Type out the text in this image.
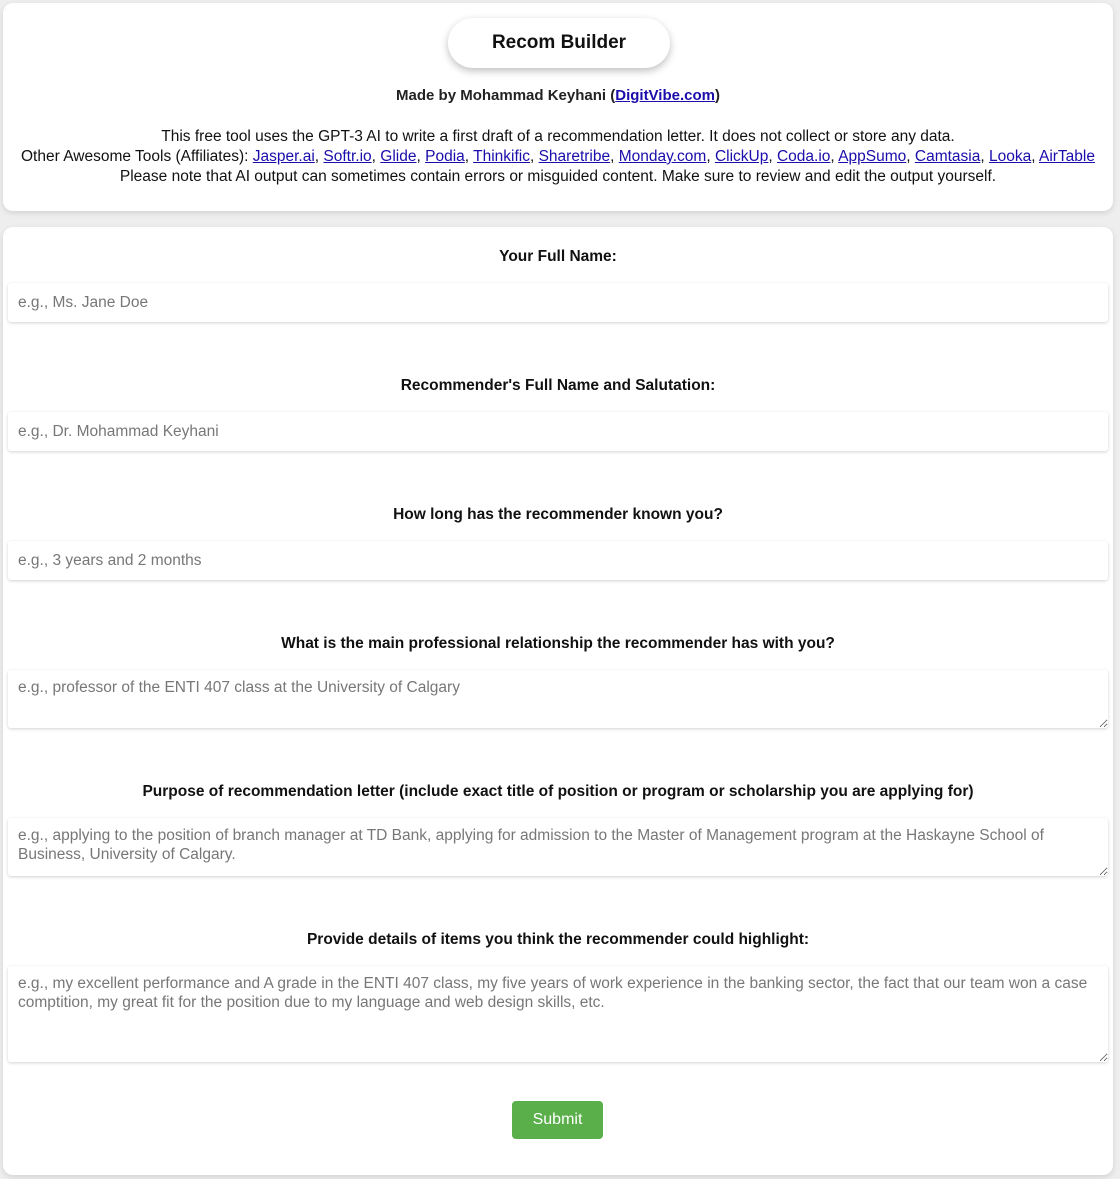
Recom Builder
Made by Mohammad Keyhani (DigitVibe.com)
This free tool uses the GPT-3 AI to write a first draft of a recommendation letter. It does not collect or store any data.
Other Awesome Tools (Affiliates): Jasper.ai, Softr.io, Glide, Podia, Thinkific, Sharetribe, Monday.com, ClickUp, Coda.io, AppSumo, Camtasia, Looka, AirTable
Please note that AI output can sometimes contain errors or misguided content. Make sure to review and edit the output yourself.
Your Full Name:
e.g., Ms. Jane Doe
Recommender's Full Name and Salutation:
e.g., Dr. Mohammad Keyhani
How long has the recommender known you?
e.g., 3 years and 2 months
What is the main professional relationship the recommender has with you?
e.g., professor of the ENTI 407 class at the University of Calgary
Purpose of recommendation letter (include exact title of position or program or scholarship you are applying for)
e.g., applying to the position of branch manager at TD Bank, applying for admission to the Master of Management program at the Haskayne School of Business, University of Calgary.
Provide details of items you think the recommender could highlight:
e.g., my excellent performance and A grade in the ENTI 407 class, my five years of work experience in the banking sector, the fact that our team won a case comptition, my great fit for the position due to my language and web design skills, etc.
Submit
